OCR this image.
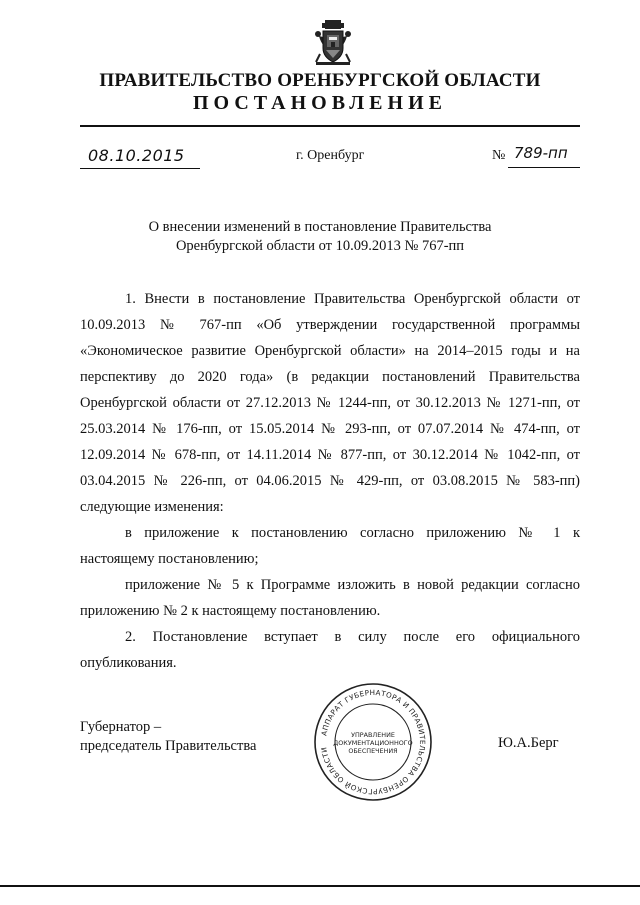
ПРАВИТЕЛЬСТВО ОРЕНБУРГСКОЙ ОБЛАСТИ
ПОСТАНОВЛЕНИЕ
08.10.2015	г. Оренбург	№ 789-пп
О внесении изменений в постановление Правительства
Оренбургской области от 10.09.2013 № 767-пп
1. Внести в постановление Правительства Оренбургской области от
10.09.2013 № 767-пп «Об утверждении государственной программы
«Экономическое развитие Оренбургской области» на 2014–2015 годы и на
перспективу до 2020 года» (в редакции постановлений Правительства
Оренбургской области от 27.12.2013 № 1244-пп, от 30.12.2013 № 1271-пп, от
25.03.2014 № 176-пп, от 15.05.2014 № 293-пп, от 07.07.2014 № 474-пп, от
12.09.2014 № 678-пп, от 14.11.2014 № 877-пп, от 30.12.2014 № 1042-пп, от
03.04.2015 № 226-пп, от 04.06.2015 № 429-пп, от 03.08.2015 № 583-пп)
следующие изменения:
в приложение к постановлению согласно приложению № 1 к
настоящему постановлению;
приложение № 5 к Программе изложить в новой редакции согласно
приложению № 2 к настоящему постановлению.
2. Постановление вступает в силу после его официального
опубликования.
Губернатор –
председатель Правительства
АППАРАТ ГУБЕРНАТОРА И ПРАВИТЕЛЬСТВА ОРЕНБУРГСКОЙ ОБЛАСТИ
УПРАВЛЕНИЕ
ДОКУМЕНТАЦИОННОГО
ОБЕСПЕЧЕНИЯ	Ю.А.Берг
